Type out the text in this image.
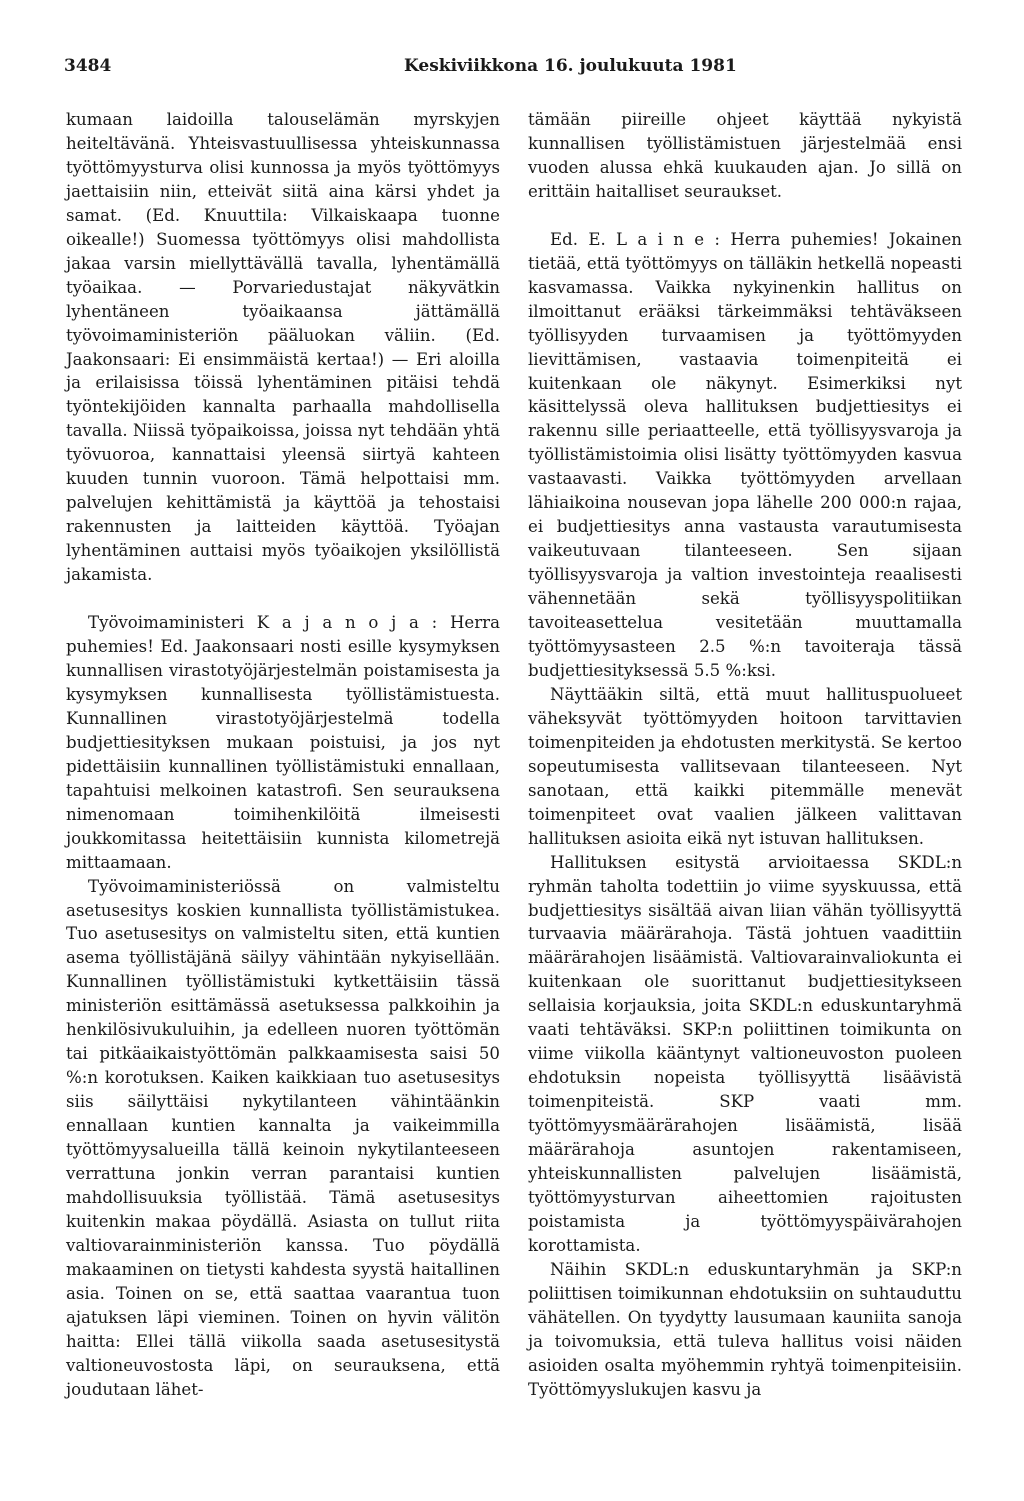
3484	Keskiviikkona 16. joulukuuta 1981

kumaan laidoilla talouselämän myrskyjen heiteltävänä. Yhteisvastuullisessa yhteiskunnassa työttömyysturva olisi kunnossa ja myös työttömyys jaettaisiin niin, etteivät siitä aina kärsi yhdet ja samat. (Ed. Knuuttila: Vilkaiskaapa tuonne oikealle!) Suomessa työttömyys olisi mahdollista jakaa varsin miellyttävällä tavalla, lyhentämällä työaikaa. — Porvariedustajat näkyvätkin lyhentäneen työaikaansa jättämällä työvoimaministeriön pääluokan väliin. (Ed. Jaakonsaari: Ei ensimmäistä kertaa!) — Eri aloilla ja erilaisissa töissä lyhentäminen pitäisi tehdä työntekijöiden kannalta parhaalla mahdollisella tavalla. Niissä työpaikoissa, joissa nyt tehdään yhtä työvuoroa, kannattaisi yleensä siirtyä kahteen kuuden tunnin vuoroon. Tämä helpottaisi mm. palvelujen kehittämistä ja käyttöä ja tehostaisi rakennusten ja laitteiden käyttöä. Työajan lyhentäminen auttaisi myös työaikojen yksilöllistä jakamista.

Työvoimaministeri K a j a n o j a : Herra puhemies! Ed. Jaakonsaari nosti esille kysymyksen kunnallisen virastotyöjärjestelmän poistamisesta ja kysymyksen kunnallisesta työllistämistuesta. Kunnallinen virastotyöjärjestelmä todella budjettiesityksen mukaan poistuisi, ja jos nyt pidettäisiin kunnallinen työllistämistuki ennallaan, tapahtuisi melkoinen katastrofi. Sen seurauksena nimenomaan toimihenkilöitä ilmeisesti joukkomitassa heitettäisiin kunnista kilometrejä mittaamaan.

Työvoimaministeriössä on valmisteltu asetusesitys koskien kunnallista työllistämistukea. Tuo asetusesitys on valmisteltu siten, että kuntien asema työllistäjänä säilyy vähintään nykyisellään. Kunnallinen työllistämistuki kytkettäisiin tässä ministeriön esittämässä asetuksessa palkkoihin ja henkilösivukuluihin, ja edelleen nuoren työttömän tai pitkäaikaistyöttömän palkkaamisesta saisi 50 %:n korotuksen. Kaiken kaikkiaan tuo asetusesitys siis säilyttäisi nykytilanteen vähintäänkin ennallaan kuntien kannalta ja vaikeimmilla työttömyysalueilla tällä keinoin nykytilanteeseen verrattuna jonkin verran parantaisi kuntien mahdollisuuksia työllistää. Tämä asetusesitys kuitenkin makaa pöydällä. Asiasta on tullut riita valtiovarainministeriön kanssa. Tuo pöydällä makaaminen on tietysti kahdesta syystä haitallinen asia. Toinen on se, että saattaa vaarantua tuon ajatuksen läpi vieminen. Toinen on hyvin välitön haitta: Ellei tällä viikolla saada asetusesitystä valtioneuvostosta läpi, on seurauksena, että joudutaan lähet-

tämään piireille ohjeet käyttää nykyistä kunnallisen työllistämistuen järjestelmää ensi vuoden alussa ehkä kuukauden ajan. Jo sillä on erittäin haitalliset seuraukset.

Ed. E. L a i n e : Herra puhemies! Jokainen tietää, että työttömyys on tälläkin hetkellä nopeasti kasvamassa. Vaikka nykyinenkin hallitus on ilmoittanut erääksi tärkeimmäksi tehtäväkseen työllisyyden turvaamisen ja työttömyyden lievittämisen, vastaavia toimenpiteitä ei kuitenkaan ole näkynyt. Esimerkiksi nyt käsittelyssä oleva hallituksen budjettiesitys ei rakennu sille periaatteelle, että työllisyysvaroja ja työllistämistoimia olisi lisätty työttömyyden kasvua vastaavasti. Vaikka työttömyyden arvellaan lähiaikoina nousevan jopa lähelle 200 000:n rajaa, ei budjettiesitys anna vastausta varautumisesta vaikeutuvaan tilanteeseen. Sen sijaan työllisyysvaroja ja valtion investointeja reaalisesti vähennetään sekä työllisyyspolitiikan tavoiteasettelua vesitetään muuttamalla työttömyysasteen 2.5 %:n tavoiteraja tässä budjettiesityksessä 5.5 %:ksi.

Näyttääkin siltä, että muut hallituspuolueet väheksyvät työttömyyden hoitoon tarvittavien toimenpiteiden ja ehdotusten merkitystä. Se kertoo sopeutumisesta vallitsevaan tilanteeseen. Nyt sanotaan, että kaikki pitemmälle menevät toimenpiteet ovat vaalien jälkeen valittavan hallituksen asioita eikä nyt istuvan hallituksen.

Hallituksen esitystä arvioitaessa SKDL:n ryhmän taholta todettiin jo viime syyskuussa, että budjettiesitys sisältää aivan liian vähän työllisyyttä turvaavia määrärahoja. Tästä johtuen vaadittiin määrärahojen lisäämistä. Valtiovarainvaliokunta ei kuitenkaan ole suorittanut budjettiesitykseen sellaisia korjauksia, joita SKDL:n eduskuntaryhmä vaati tehtäväksi. SKP:n poliittinen toimikunta on viime viikolla kääntynyt valtioneuvoston puoleen ehdotuksin nopeista työllisyyttä lisäävistä toimenpiteistä. SKP vaati mm. työttömyysmäärärahojen lisäämistä, lisää määrärahoja asuntojen rakentamiseen, yhteiskunnallisten palvelujen lisäämistä, työttömyysturvan aiheettomien rajoitusten poistamista ja työttömyyspäivärahojen korottamista.

Näihin SKDL:n eduskuntaryhmän ja SKP:n poliittisen toimikunnan ehdotuksiin on suhtauduttu vähätellen. On tyydytty lausumaan kauniita sanoja ja toivomuksia, että tuleva hallitus voisi näiden asioiden osalta myöhemmin ryhtyä toimenpiteisiin. Työttömyyslukujen kasvu ja
